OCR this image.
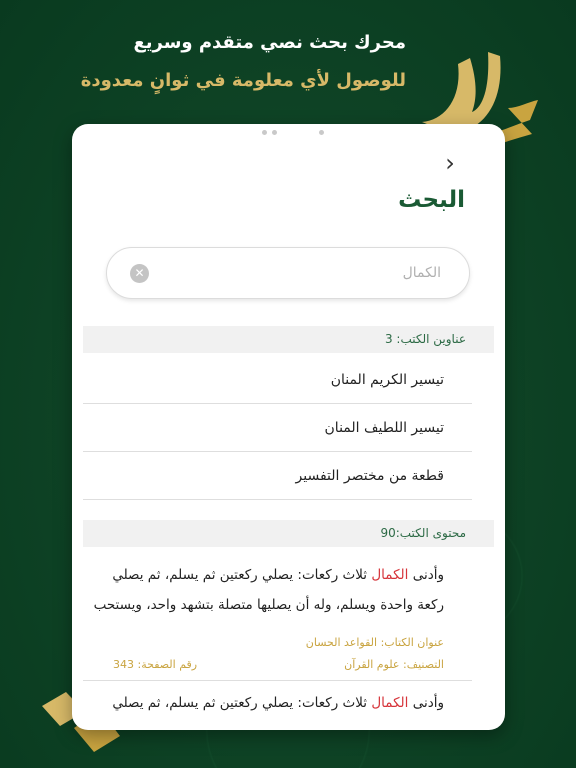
محرك بحث نصي متقدم وسريع
للوصول لأي معلومة في ثوانٍ معدودة
›
البحث
الكمال
✕
عناوين الكتب: 3
تيسير الكريم المنان
تيسير اللطيف المنان
قطعة من مختصر التفسير
محتوى الكتب:90
وأدنى الكمال ثلاث ركعات: يصلي ركعتين ثم يسلم، ثم يصلي
ركعة واحدة ويسلم، وله أن يصليها متصلة بتشهد واحد، ويستحب
عنوان الكتاب: القواعد الحسان
التصنيف: علوم القرآن
رقم الصفحة: 343
وأدنى الكمال ثلاث ركعات: يصلي ركعتين ثم يسلم، ثم يصلي
